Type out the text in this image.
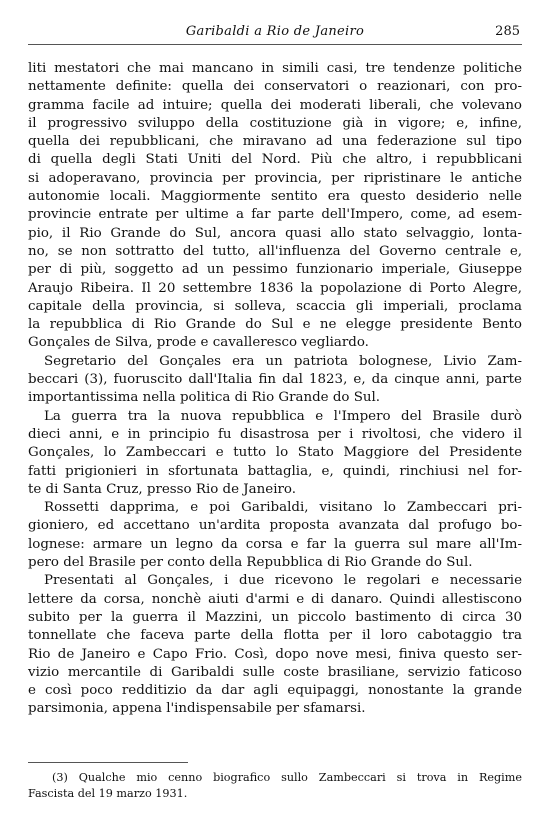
Garibaldi a Rio de Janeiro	285
liti mestatori che mai mancano in simili casi, tre tendenze politiche
nettamente definite: quella dei conservatori o reazionari, con pro-
gramma facile ad intuire; quella dei moderati liberali, che volevano
il progressivo sviluppo della costituzione già in vigore; e, infine,
quella dei repubblicani, che miravano ad una federazione sul tipo
di quella degli Stati Uniti del Nord. Più che altro, i repubblicani
si adoperavano, provincia per provincia, per ripristinare le antiche
autonomie locali. Maggiormente sentito era questo desiderio nelle
provincie entrate per ultime a far parte dell'Impero, come, ad esem-
pio, il Rio Grande do Sul, ancora quasi allo stato selvaggio, lonta-
no, se non sottratto del tutto, all'influenza del Governo centrale e,
per di più, soggetto ad un pessimo funzionario imperiale, Giuseppe
Araujo Ribeira. Il 20 settembre 1836 la popolazione di Porto Alegre,
capitale della provincia, si solleva, scaccia gli imperiali, proclama
la repubblica di Rio Grande do Sul e ne elegge presidente Bento
Gonçales de Silva, prode e cavalleresco vegliardo.
Segretario del Gonçales era un patriota bolognese, Livio Zam-
beccari (3), fuoruscito dall'Italia fin dal 1823, e, da cinque anni, parte
importantissima nella politica di Rio Grande do Sul.
La guerra tra la nuova repubblica e l'Impero del Brasile durò
dieci anni, e in principio fu disastrosa per i rivoltosi, che videro il
Gonçales, lo Zambeccari e tutto lo Stato Maggiore del Presidente
fatti prigionieri in sfortunata battaglia, e, quindi, rinchiusi nel for-
te di Santa Cruz, presso Rio de Janeiro.
Rossetti dapprima, e poi Garibaldi, visitano lo Zambeccari pri-
gioniero, ed accettano un'ardita proposta avanzata dal profugo bo-
lognese: armare un legno da corsa e far la guerra sul mare all'Im-
pero del Brasile per conto della Repubblica di Rio Grande do Sul.
Presentati al Gonçales, i due ricevono le regolari e necessarie
lettere da corsa, nonchè aiuti d'armi e di danaro. Quindi allestiscono
subito per la guerra il Mazzini, un piccolo bastimento di circa 30
tonnellate che faceva parte della flotta per il loro cabotaggio tra
Rio de Janeiro e Capo Frio. Così, dopo nove mesi, finiva questo ser-
vizio mercantile di Garibaldi sulle coste brasiliane, servizio faticoso
e così poco redditizio da dar agli equipaggi, nonostante la grande
parsimonia, appena l'indispensabile per sfamarsi.
(3) Qualche mio cenno biografico sullo Zambeccari si trova in Regime
Fascista del 19 marzo 1931.
